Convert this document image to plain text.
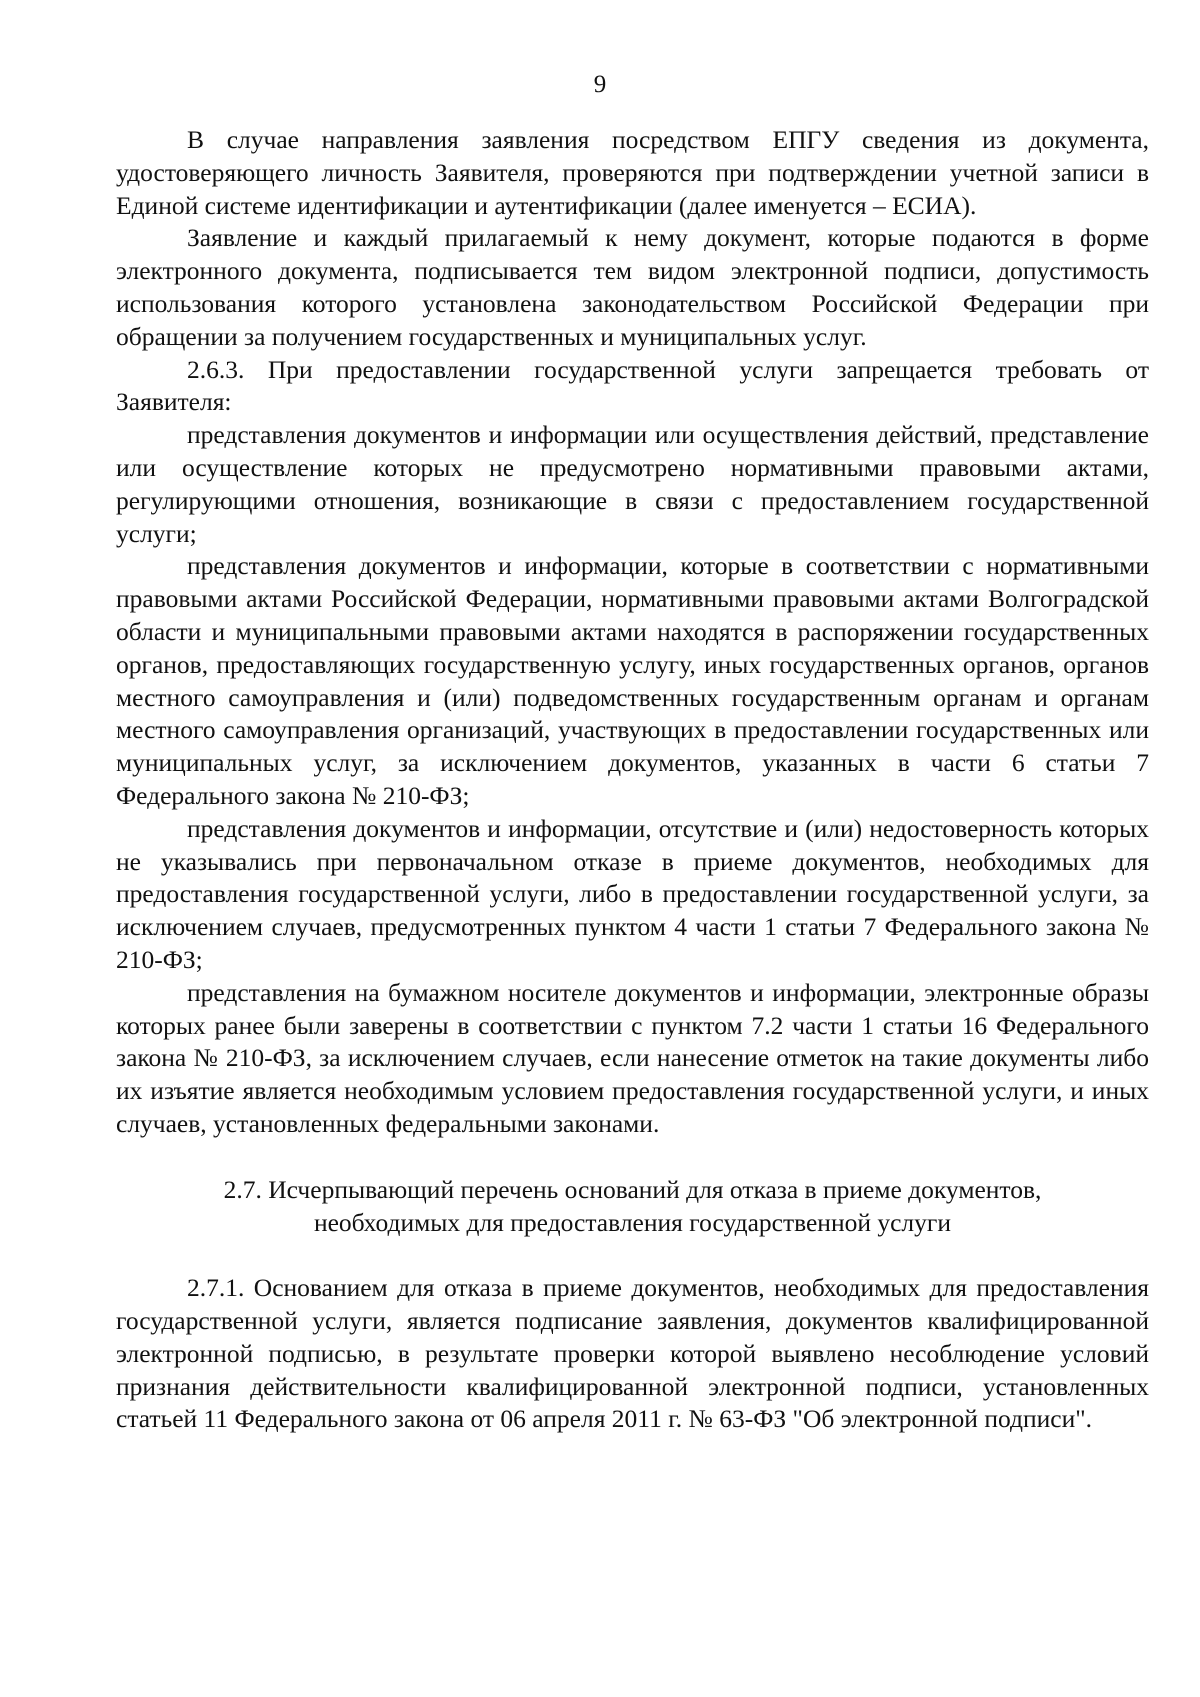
9

В случае направления заявления посредством ЕПГУ сведения из документа, удостоверяющего личность Заявителя, проверяются при подтверждении учетной записи в Единой системе идентификации и аутентификации (далее именуется – ЕСИА).

Заявление и каждый прилагаемый к нему документ, которые подаются в форме электронного документа, подписывается тем видом электронной подписи, допустимость использования которого установлена законодательством Российской Федерации при обращении за получением государственных и муниципальных услуг.

2.6.3. При предоставлении государственной услуги запрещается требовать от Заявителя:

представления документов и информации или осуществления действий, представление или осуществление которых не предусмотрено нормативными правовыми актами, регулирующими отношения, возникающие в связи с предоставлением государственной услуги;

представления документов и информации, которые в соответствии с нормативными правовыми актами Российской Федерации, нормативными правовыми актами Волгоградской области и муниципальными правовыми актами находятся в распоряжении государственных органов, предоставляющих государственную услугу, иных государственных органов, органов местного самоуправления и (или) подведомственных государственным органам и органам местного самоуправления организаций, участвующих в предоставлении государственных или муниципальных услуг, за исключением документов, указанных в части 6 статьи 7 Федерального закона № 210-ФЗ;

представления документов и информации, отсутствие и (или) недостоверность которых не указывались при первоначальном отказе в приеме документов, необходимых для предоставления государственной услуги, либо в предоставлении государственной услуги, за исключением случаев, предусмотренных пунктом 4 части 1 статьи 7 Федерального закона № 210-ФЗ;

представления на бумажном носителе документов и информации, электронные образы которых ранее были заверены в соответствии с пунктом 7.2 части 1 статьи 16 Федерального закона № 210-ФЗ, за исключением случаев, если нанесение отметок на такие документы либо их изъятие является необходимым условием предоставления государственной услуги, и иных случаев, установленных федеральными законами.

2.7. Исчерпывающий перечень оснований для отказа в приеме документов,
необходимых для предоставления государственной услуги

2.7.1. Основанием для отказа в приеме документов, необходимых для предоставления государственной услуги, является подписание заявления, документов квалифицированной электронной подписью, в результате проверки которой выявлено несоблюдение условий признания действительности квалифицированной электронной подписи, установленных статьей 11 Федерального закона от 06 апреля 2011 г. № 63-ФЗ "Об электронной подписи".
